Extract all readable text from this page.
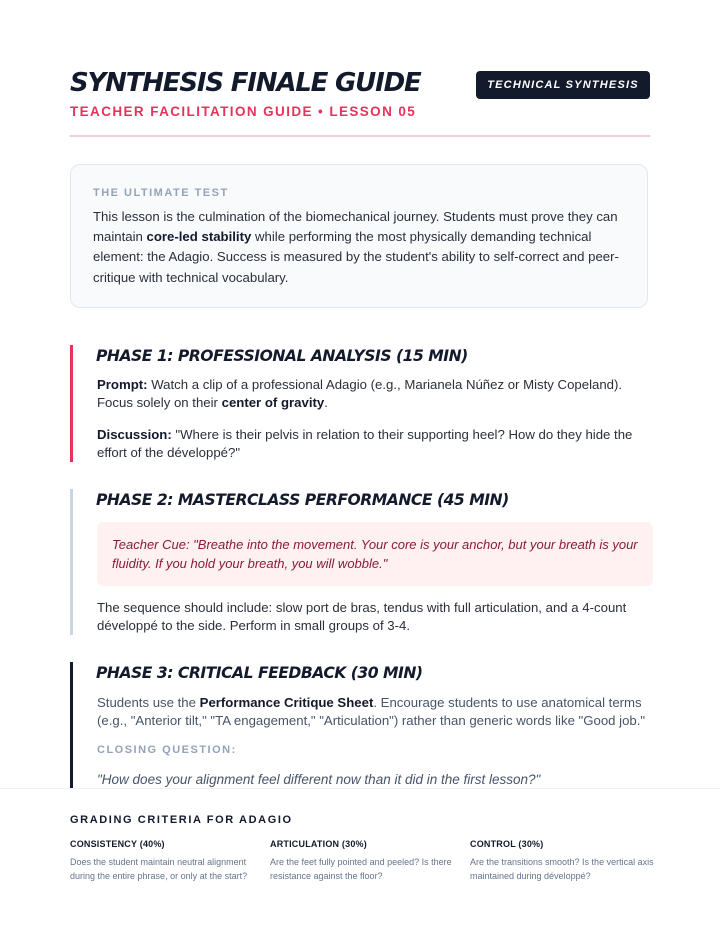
SYNTHESIS FINALE GUIDE
TEACHER FACILITATION GUIDE • LESSON 05
TECHNICAL SYNTHESIS
THE ULTIMATE TEST
This lesson is the culmination of the biomechanical journey. Students must prove they can maintain core-led stability while performing the most physically demanding technical element: the Adagio. Success is measured by the student's ability to self-correct and peer-critique with technical vocabulary.
PHASE 1: PROFESSIONAL ANALYSIS (15 MIN)
Prompt: Watch a clip of a professional Adagio (e.g., Marianela Núñez or Misty Copeland). Focus solely on their center of gravity.
Discussion: "Where is their pelvis in relation to their supporting heel? How do they hide the effort of the développé?"
PHASE 2: MASTERCLASS PERFORMANCE (45 MIN)
Teacher Cue: "Breathe into the movement. Your core is your anchor, but your breath is your fluidity. If you hold your breath, you will wobble."
The sequence should include: slow port de bras, tendus with full articulation, and a 4-count développé to the side. Perform in small groups of 3-4.
PHASE 3: CRITICAL FEEDBACK (30 MIN)
Students use the Performance Critique Sheet. Encourage students to use anatomical terms (e.g., "Anterior tilt," "TA engagement," "Articulation") rather than generic words like "Good job."
CLOSING QUESTION:
"How does your alignment feel different now than it did in the first lesson?"
GRADING CRITERIA FOR ADAGIO
CONSISTENCY (40%)
Does the student maintain neutral alignment during the entire phrase, or only at the start?
ARTICULATION (30%)
Are the feet fully pointed and peeled? Is there resistance against the floor?
CONTROL (30%)
Are the transitions smooth? Is the vertical axis maintained during développé?
